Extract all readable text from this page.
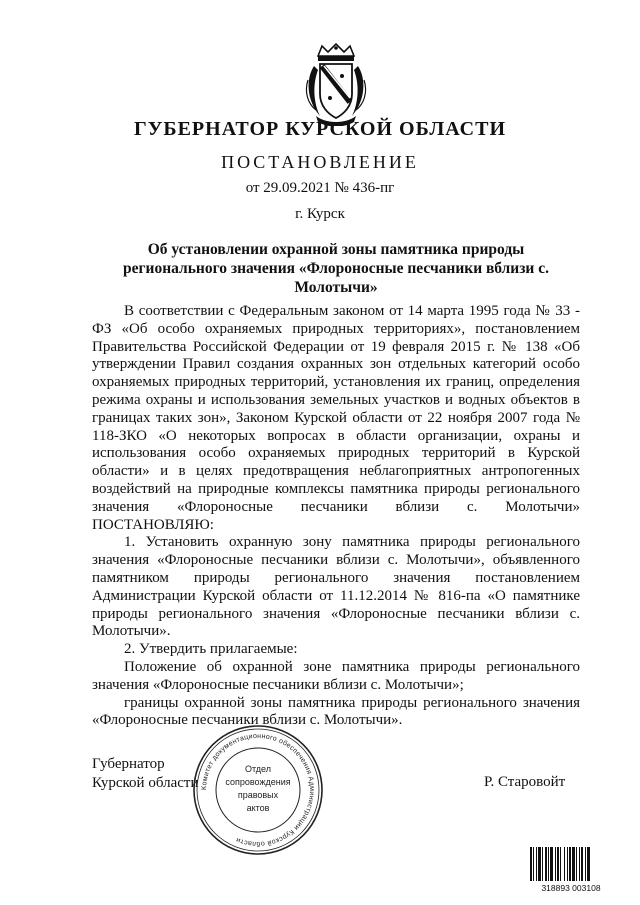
ГУБЕРНАТОР КУРСКОЙ ОБЛАСТИ
ПОСТАНОВЛЕНИЕ
от 29.09.2021 № 436-пг
г. Курск
Об установлении охранной зоны памятника природы регионального значения «Флороносные песчаники вблизи с. Молотычи»

В соответствии с Федеральным законом от 14 марта 1995 года № 33 - ФЗ «Об особо охраняемых природных территориях», постановлением Правительства Российской Федерации от 19 февраля 2015 г. № 138 «Об утверждении Правил создания охранных зон отдельных категорий особо охраняемых природных территорий, установления их границ, определения режима охраны и использования земельных участков и водных объектов в границах таких зон», Законом Курской области от 22 ноября 2007 года № 118-ЗКО «О некоторых вопросах в области организации, охраны и использования особо охраняемых природных территорий в Курской области» и в целях предотвращения неблагоприятных антропогенных воздействий на природные комплексы памятника природы регионального значения «Флороносные песчаники вблизи с. Молотычи» ПОСТАНОВЛЯЮ:

1. Установить охранную зону памятника природы регионального значения «Флороносные песчаники вблизи с. Молотычи», объявленного памятником природы регионального значения постановлением Администрации Курской области от 11.12.2014 № 816-па «О памятнике природы регионального значения «Флороносные песчаники вблизи с. Молотычи».

2. Утвердить прилагаемые:

Положение об охранной зоне памятника природы регионального значения «Флороносные песчаники вблизи с. Молотычи»;

границы охранной зоны памятника природы регионального значения «Флороносные песчаники вблизи с. Молотычи».

Губернатор
Курской области	Р. Старовойт
Комитет документационного обеспечения Администрации Курской области
Отдел
сопровождения
правовых
актов
318893 003108
